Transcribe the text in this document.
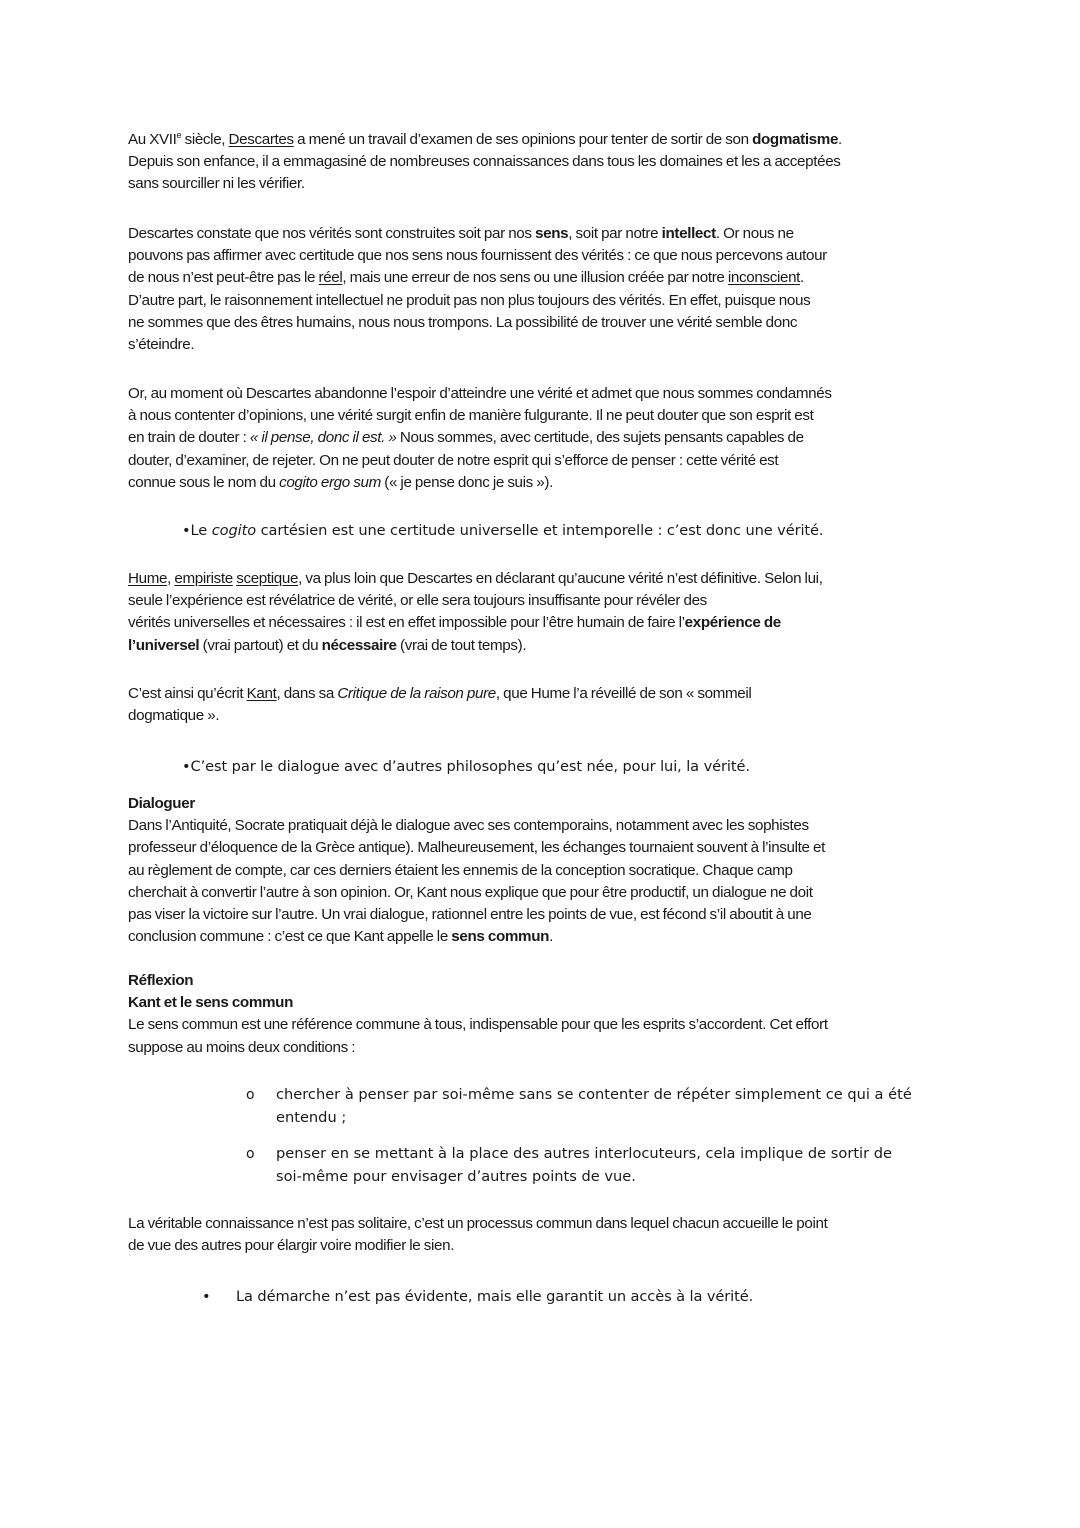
Au XVIIe siècle, Descartes a mené un travail d’examen de ses opinions pour tenter de sortir de son dogmatisme.
Depuis son enfance, il a emmagasiné de nombreuses connaissances dans tous les domaines et les a acceptées
sans sourciller ni les vérifier.
Descartes constate que nos vérités sont construites soit par nos sens, soit par notre intellect. Or nous ne
pouvons pas affirmer avec certitude que nos sens nous fournissent des vérités : ce que nous percevons autour
de nous n’est peut-être pas le réel, mais une erreur de nos sens ou une illusion créée par notre inconscient.
D’autre part, le raisonnement intellectuel ne produit pas non plus toujours des vérités. En effet, puisque nous
ne sommes que des êtres humains, nous nous trompons. La possibilité de trouver une vérité semble donc
s’éteindre.
Or, au moment où Descartes abandonne l’espoir d’atteindre une vérité et admet que nous sommes condamnés
à nous contenter d’opinions, une vérité surgit enfin de manière fulgurante. Il ne peut douter que son esprit est
en train de douter : « il pense, donc il est. » Nous sommes, avec certitude, des sujets pensants capables de
douter, d’examiner, de rejeter. On ne peut douter de notre esprit qui s’efforce de penser : cette vérité est
connue sous le nom du cogito ergo sum (« je pense donc je suis »).
•Le cogito cartésien est une certitude universelle et intemporelle : c’est donc une vérité.
Hume, empiriste sceptique, va plus loin que Descartes en déclarant qu’aucune vérité n’est définitive. Selon lui,
seule l’expérience est révélatrice de vérité, or elle sera toujours insuffisante pour révéler des
vérités universelles et nécessaires : il est en effet impossible pour l’être humain de faire l’expérience de
l’universel (vrai partout) et du nécessaire (vrai de tout temps).
C’est ainsi qu’écrit Kant, dans sa Critique de la raison pure, que Hume l’a réveillé de son « sommeil
dogmatique ».
•C’est par le dialogue avec d’autres philosophes qu’est née, pour lui, la vérité.
Dialoguer
Dans l’Antiquité, Socrate pratiquait déjà le dialogue avec ses contemporains, notamment avec les sophistes
professeur d’éloquence de la Grèce antique). Malheureusement, les échanges tournaient souvent à l’insulte et
au règlement de compte, car ces derniers étaient les ennemis de la conception socratique. Chaque camp
cherchait à convertir l’autre à son opinion. Or, Kant nous explique que pour être productif, un dialogue ne doit
pas viser la victoire sur l’autre. Un vrai dialogue, rationnel entre les points de vue, est fécond s’il aboutit à une
conclusion commune : c’est ce que Kant appelle le sens commun.
Réflexion
Kant et le sens commun
Le sens commun est une référence commune à tous, indispensable pour que les esprits s’accordent. Cet effort
suppose au moins deux conditions :
o chercher à penser par soi-même sans se contenter de répéter simplement ce qui a été
entendu ;
o penser en se mettant à la place des autres interlocuteurs, cela implique de sortir de
soi-même pour envisager d’autres points de vue.
La véritable connaissance n’est pas solitaire, c’est un processus commun dans lequel chacun accueille le point
de vue des autres pour élargir voire modifier le sien.
• La démarche n’est pas évidente, mais elle garantit un accès à la vérité.
